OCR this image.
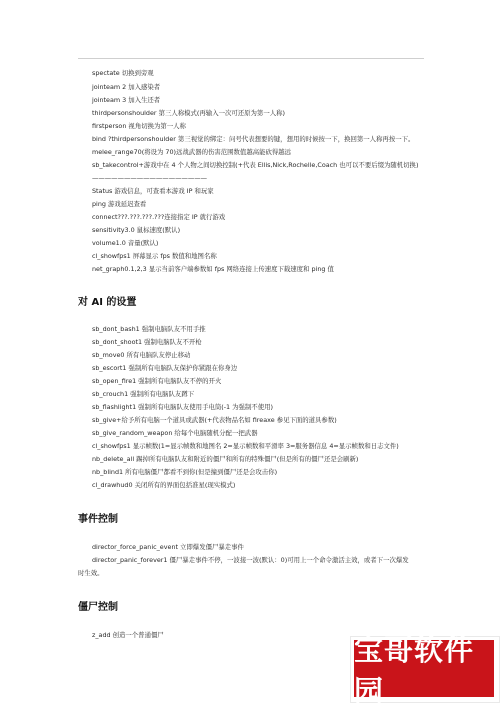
spectate 切换到旁观
jointeam 2 加入感染者
jointeam 3 加入生还者
thirdpersonshoulder 第三人称模式(再输入一次可还原为第一人称)
firstperson 视角切换为第一人称
bind ?thirdpersonshoulder 第三视觉的绑定：问号代表想要的键，想用的时候按一下，换回第一人称再按一下。
melee_range70(将设为 70)远战武器的伤害范围数值越高能砍得越远
sb_takecontrol+游戏中在 4 个人物之间切换控制(+代表 Ellis,Nick,Rochelle,Coach 也可以不要后缀为随机切换)
——————————————————
Status 游戏信息，可查看本游戏 IP 和玩家
ping 游戏延迟查看
connect???.???.???.???连接指定 IP 就行游戏
sensitivity3.0 鼠标速度(默认)
volume1.0 音量(默认)
cl_showfps1 屏幕显示 fps 数值和地图名称
net_graph0.1,2,3 显示当前客户端参数如 fps 网络连接上传速度下载速度和 ping 值
对 AI 的设置
sb_dont_bash1 强制电脑队友不用手推
sb_dont_shoot1 强制电脑队友不开枪
sb_move0 所有电脑队友停止移动
sb_escort1 强制所有电脑队友保护你紧跟在你身边
sb_open_fire1 强制所有电脑队友不停的开火
sb_crouch1 强制所有电脑队友蹲下
sb_flashlight1 强制所有电脑队友使用手电筒(-1 为强制不使用)
sb_give+给予所有电脑一个道具或武器(+代表物品名如 fireaxe 参见下面的道具参数)
sb_give_random_weapon 给每个电脑随机分配一把武器
cl_showfps1 显示帧数(1=显示帧数和地图名 2=显示帧数和平滑率 3=服务器信息 4=显示帧数和日志文件)
nb_delete_all 踢掉所有电脑队友和附近的僵尸和所有的特殊僵尸(但是所有的僵尸还是会刷新)
nb_blind1 所有电脑僵尸都看不到你(但是撞到僵尸还是会攻击你)
cl_drawhud0 关闭所有的界面包括准星(现实模式)
事件控制
director_force_panic_event 立即爆发僵尸暴走事件
director_panic_forever1 僵尸暴走事件不停，一波接一波(默认：0)可用上一个命令激活主效，或者下一次爆发
时生效。
僵尸控制
z_add 创造一个普通僵尸	宝哥软件园
